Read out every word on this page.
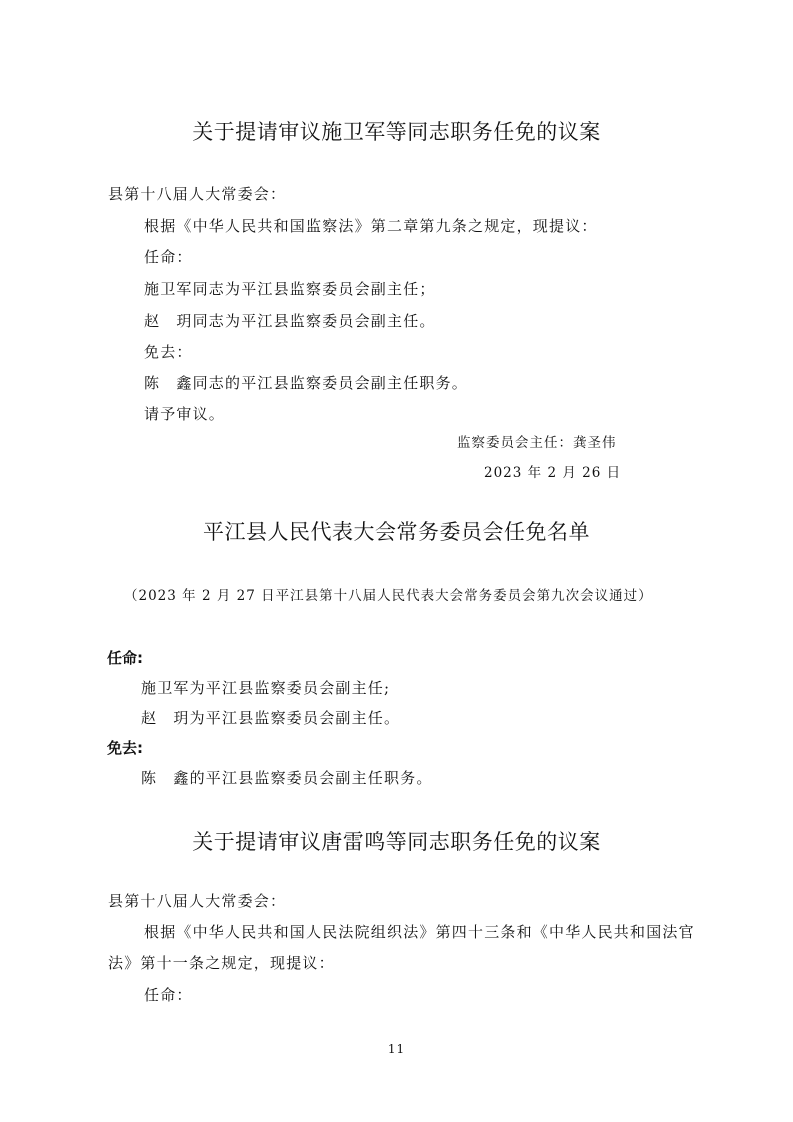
关于提请审议施卫军等同志职务任免的议案
县第十八届人大常委会：
根据《中华人民共和国监察法》第二章第九条之规定，现提议：
任命：
施卫军同志为平江县监察委员会副主任；
赵　玥同志为平江县监察委员会副主任。
免去：
陈　鑫同志的平江县监察委员会副主任职务。
请予审议。
监察委员会主任：龚圣伟
2023 年 2 月 26 日
平江县人民代表大会常务委员会任免名单
（2023 年 2 月 27 日平江县第十八届人民代表大会常务委员会第九次会议通过）
任命:
施卫军为平江县监察委员会副主任;
赵　玥为平江县监察委员会副主任。
免去:
陈　鑫的平江县监察委员会副主任职务。
关于提请审议唐雷鸣等同志职务任免的议案
县第十八届人大常委会：
根据《中华人民共和国人民法院组织法》第四十三条和《中华人民共和国法官
法》第十一条之规定，现提议：
任命：
11
